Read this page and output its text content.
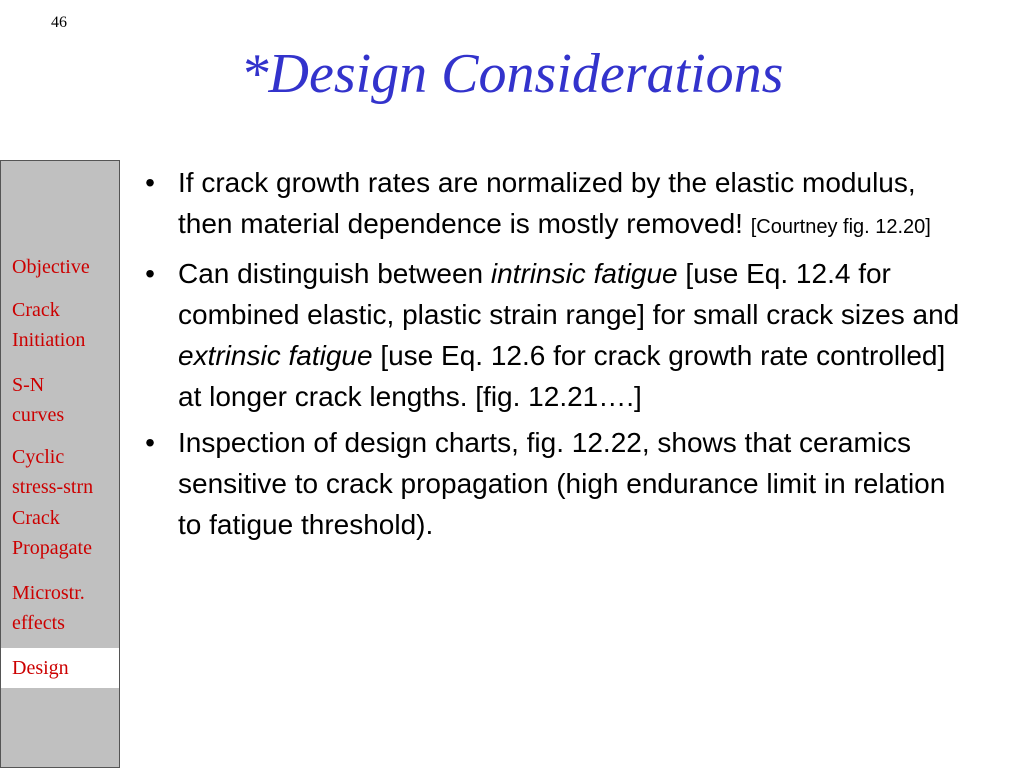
46
*Design Considerations
Objective
Crack
Initiation
S-N
curves
Cyclic
stress-strn
Crack
Propagate
Microstr.
effects
Design
• If crack growth rates are normalized by the elastic modulus, then material dependence is mostly removed! [Courtney fig. 12.20]
• Can distinguish between intrinsic fatigue [use Eq. 12.4 for combined elastic, plastic strain range] for small crack sizes and extrinsic fatigue [use Eq. 12.6 for crack growth rate controlled] at longer crack lengths. [fig. 12.21….]
• Inspection of design charts, fig. 12.22, shows that ceramics sensitive to crack propagation (high endurance limit in relation to fatigue threshold).
